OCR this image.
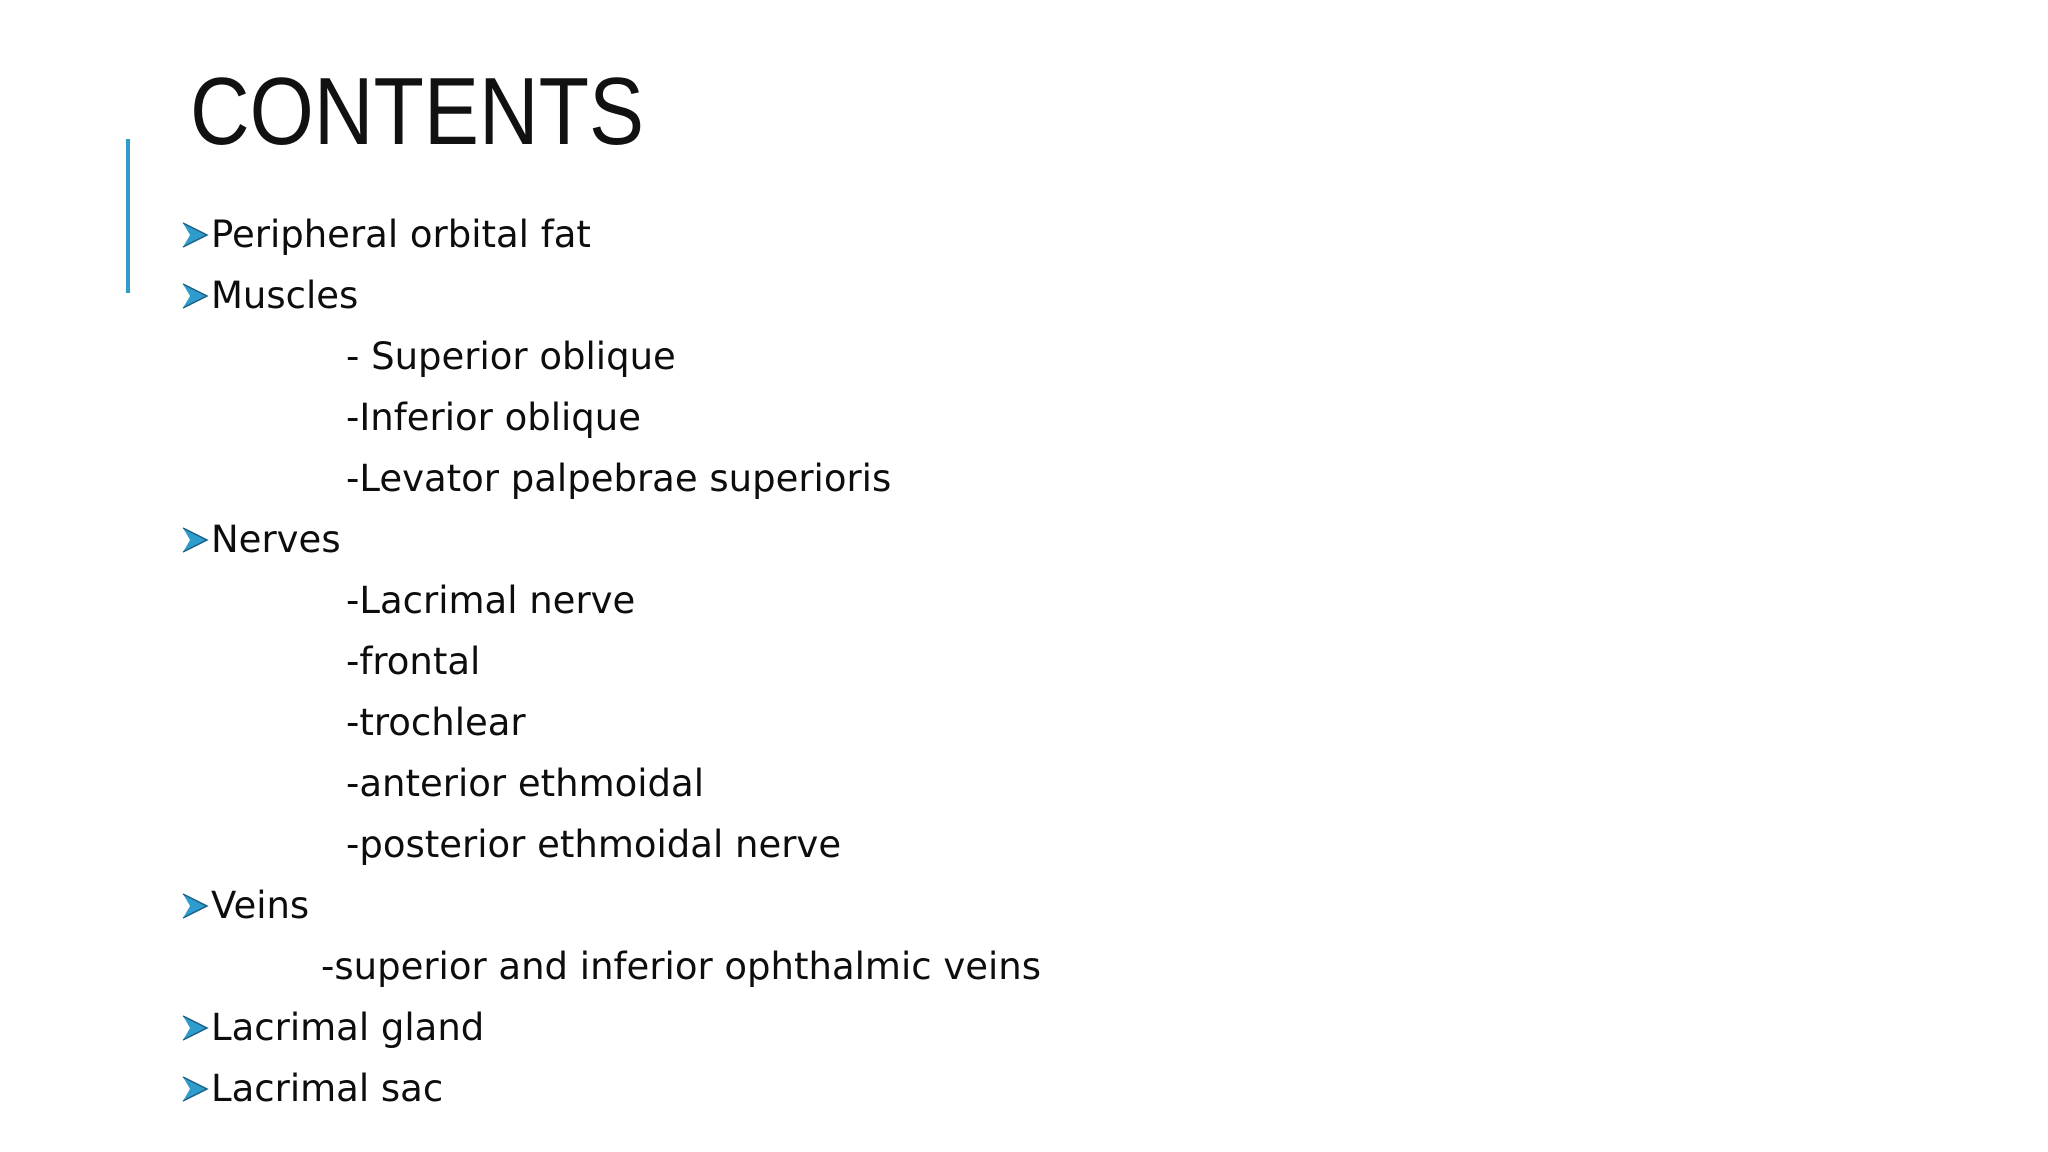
CONTENTS
Peripheral orbital fat
Muscles
- Superior oblique
-Inferior oblique
-Levator palpebrae superioris
Nerves
-Lacrimal nerve
-frontal
-trochlear
-anterior ethmoidal
-posterior ethmoidal nerve
Veins
-superior and inferior ophthalmic veins
Lacrimal gland
Lacrimal sac
